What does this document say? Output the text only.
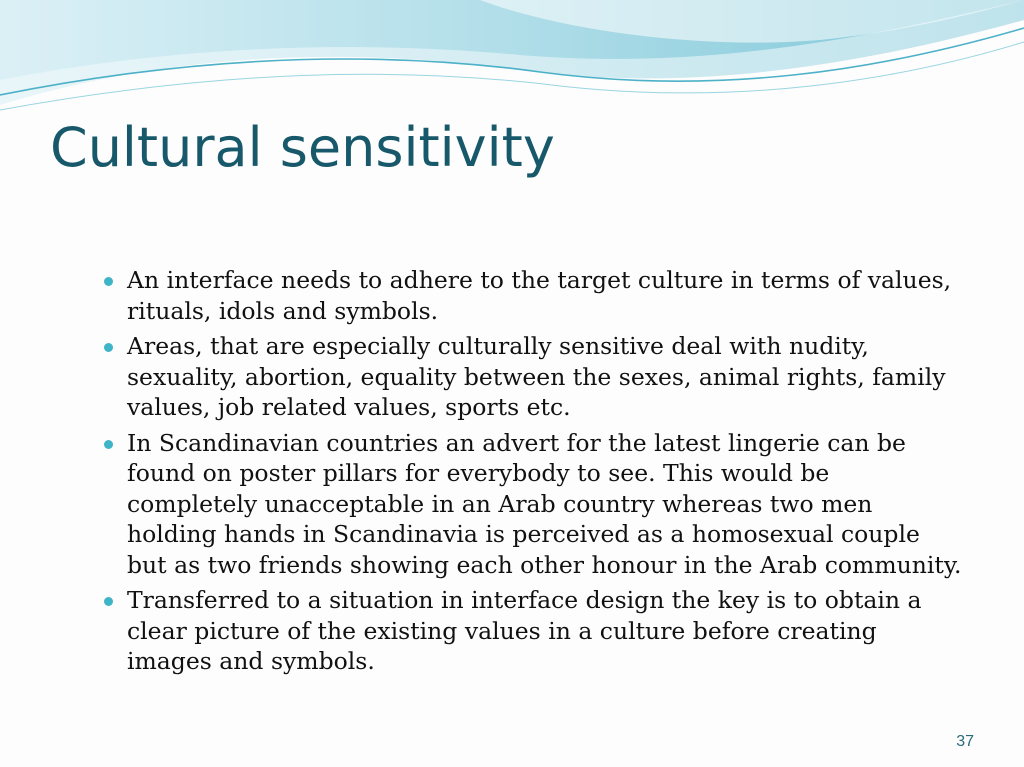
Cultural sensitivity
An interface needs to adhere to the target culture in terms of values, rituals, idols and symbols.
Areas, that are especially culturally sensitive deal with nudity, sexuality, abortion, equality between the sexes, animal rights, family values, job related values, sports etc.
In Scandinavian countries an advert for the latest lingerie can be found on poster pillars for everybody to see. This would be completely unacceptable in an Arab country whereas two men holding hands in Scandinavia is perceived as a homosexual couple but as two friends showing each other honour in the Arab community.
Transferred to a situation in interface design the key is to obtain a clear picture of the existing values in a culture before creating images and symbols.
37
